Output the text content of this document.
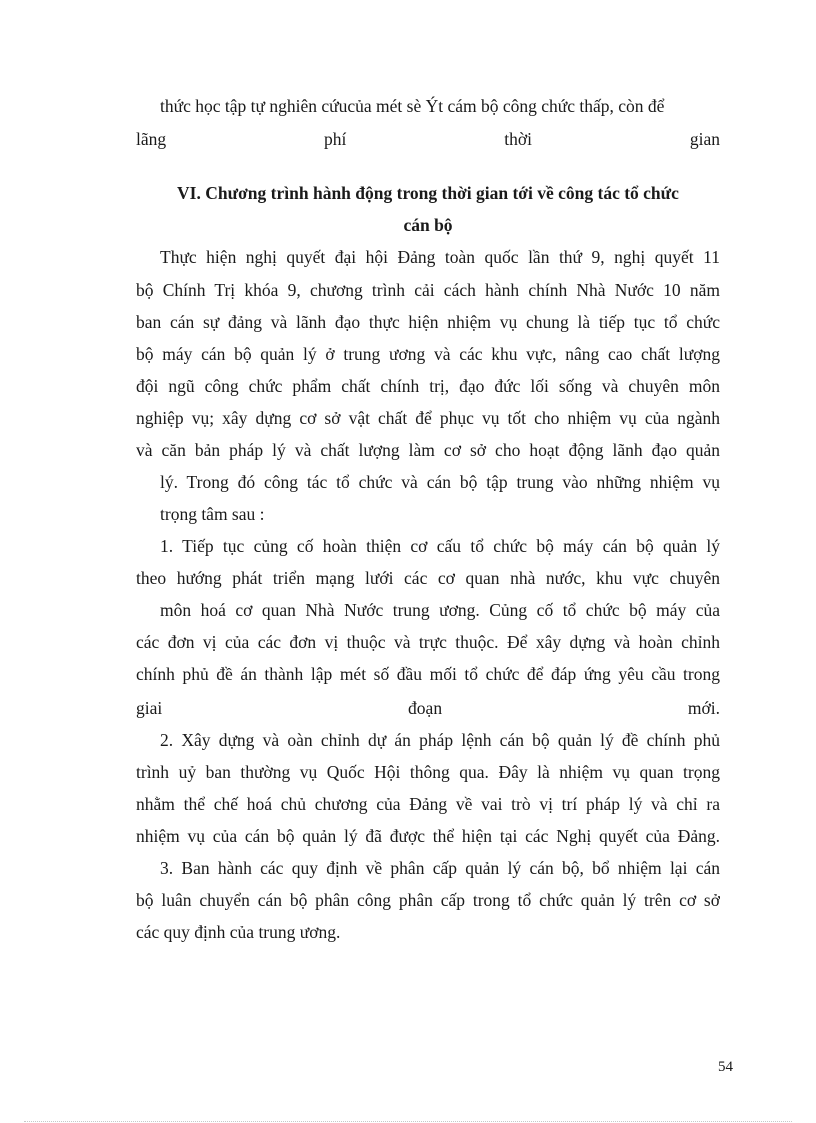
thức học tập tự nghiên cứucủa mét sè Ýt cám bộ công chức thấp, còn để
lãng phí thời gian
VI. Chương trình hành động trong thời gian tới về công tác tổ chức
cán bộ
Thực hiện nghị quyết đại hội Đảng toàn quốc lần thứ 9, nghị quyết 11
bộ Chính Trị khóa 9, chương trình cải cách hành chính Nhà Nước 10 năm
ban cán sự đảng và lãnh đạo thực hiện nhiệm vụ chung là tiếp tục tổ chức
bộ máy cán bộ quản lý ở trung ương và các khu vực, nâng cao chất lượng
đội ngũ công chức phẩm chất chính trị, đạo đức lối sống và chuyên môn
nghiệp vụ; xây dựng cơ sở vật chất để phục vụ tốt cho nhiệm vụ của ngành
và căn bản pháp lý và chất lượng làm cơ sở cho hoạt động lãnh đạo quản
lý. Trong đó công tác tổ chức và cán bộ tập trung vào những nhiệm vụ
trọng tâm sau :
1. Tiếp tục củng cố hoàn thiện cơ cấu tổ chức bộ máy cán bộ quản lý
theo hướng phát triển mạng lưới các cơ quan nhà nước, khu vực chuyên
môn hoá cơ quan Nhà Nước trung ương. Củng cố tổ chức bộ máy của
các đơn vị của các đơn vị thuộc và trực thuộc. Để xây dựng và hoàn chỉnh
chính phủ đề án thành lập mét số đầu mối tổ chức để đáp ứng yêu cầu trong
giai đoạn mới.
2. Xây dựng và oàn chỉnh dự án pháp lệnh cán bộ quản lý đề chính phủ
trình uỷ ban thường vụ Quốc Hội thông qua. Đây là nhiệm vụ quan trọng
nhằm thể chế hoá chủ chương của Đảng về vai trò vị trí pháp lý và chỉ ra
nhiệm vụ của cán bộ quản lý đã được thể hiện tại các Nghị quyết của Đảng.
3. Ban hành các quy định về phân cấp quản lý cán bộ, bổ nhiệm lại cán
bộ luân chuyển cán bộ phân công phân cấp trong tổ chức quản lý trên cơ sở
các quy định của trung ương.
54
